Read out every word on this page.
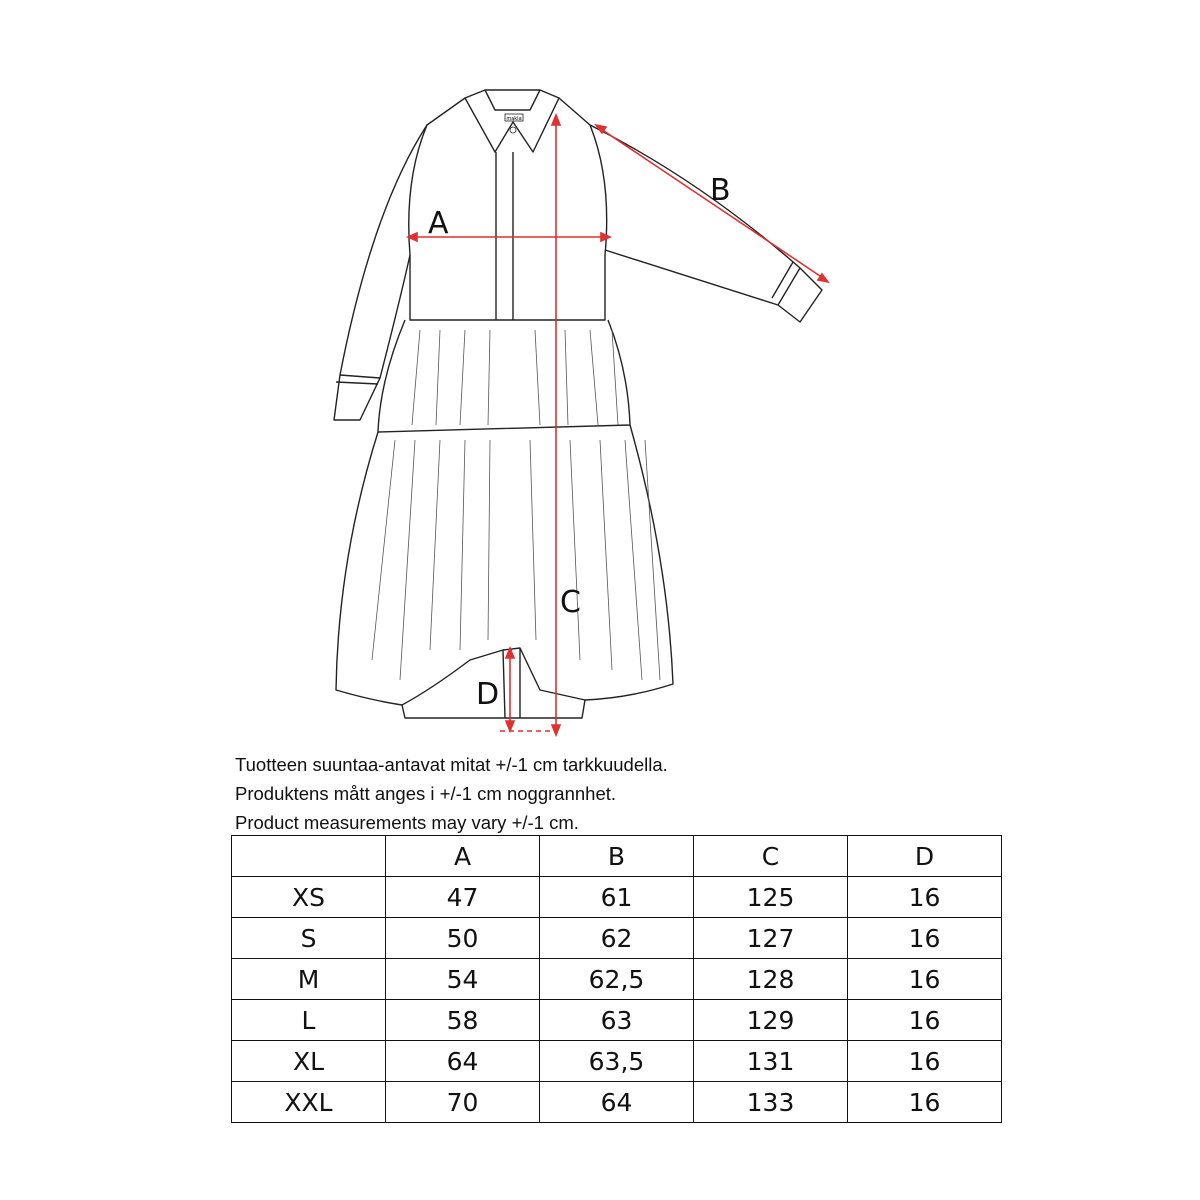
makia
A
B
C
D
Tuotteen suuntaa-antavat mitat +/-1 cm tarkkuudella.
Produktens mått anges i +/-1 cm noggrannhet.
Product measurements may vary +/-1 cm.
	A	B	C	D
XS	47	61	125	16
S	50	62	127	16
M	54	62,5	128	16
L	58	63	129	16
XL	64	63,5	131	16
XXL	70	64	133	16
